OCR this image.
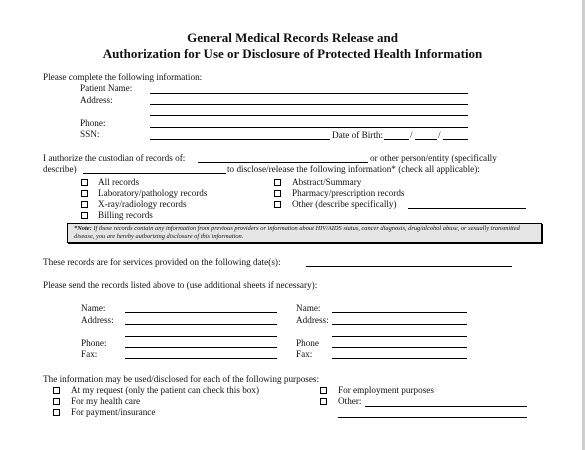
General Medical Records Release and
Authorization for Use or Disclosure of Protected Health Information
Please complete the following information:
Patient Name:
Address:
Phone:
SSN:	Date of Birth:	/	/
I authorize the custodian of records of:	or other person/entity (specifically
describe)	to disclose/release the following information* (check all applicable):
All records
Laboratory/pathology records
X-ray/radiology records
Billing records
Abstract/Summary
Pharmacy/prescription records
Other (describe specifically)
*Note: If these records contain any information from previous providers or information about HIV/AIDS status, cancer diagnosis, drug/alcohol abuse, or sexually transmitted disease, you are hereby authorizing disclosure of this information.
These records are for services provided on the following date(s):
Please send the records listed above to (use additional sheets if necessary):
Name:
Address:
Phone:
Fax:
Name:
Address:
Phone
Fax:
The information may be used/disclosed for each of the following purposes:
At my request (only the patient can check this box)
For my health care
For payment/insurance
For employment purposes
Other:
